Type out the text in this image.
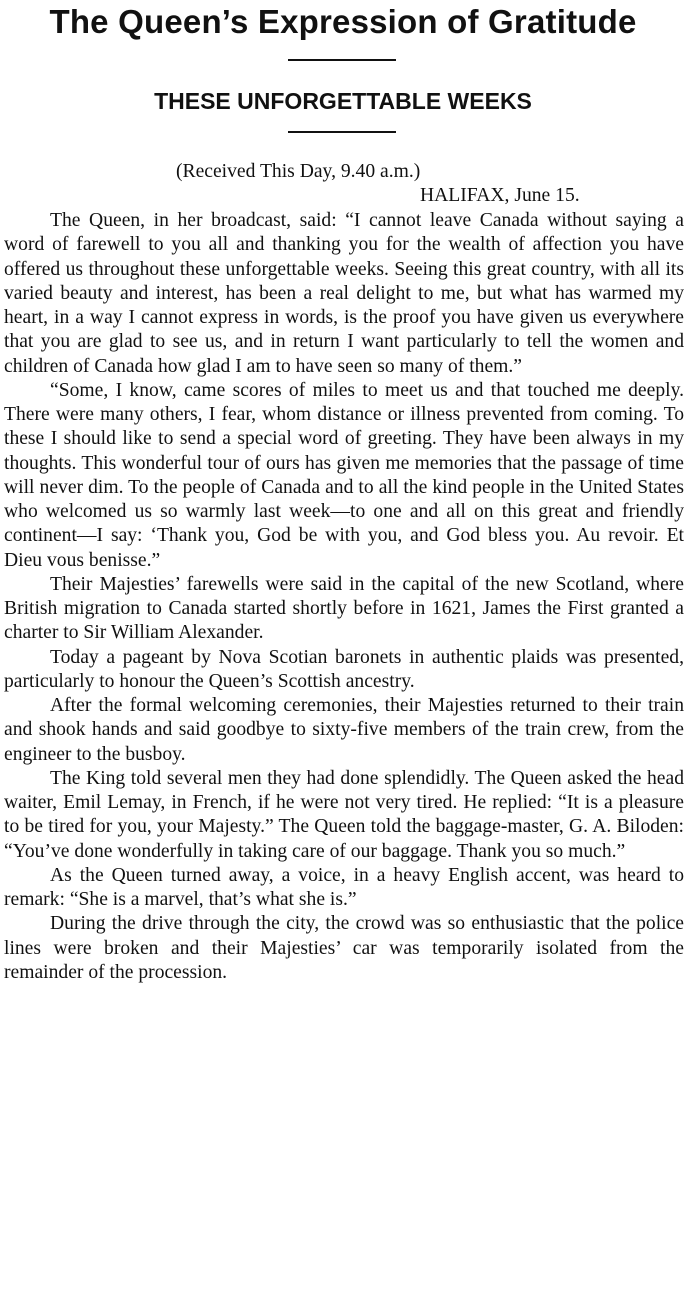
The Queen’s Expression of Gratitude
THESE UNFORGETTABLE WEEKS
(Received This Day, 9.40 a.m.)
HALIFAX, June 15.

The Queen, in her broadcast, said: “I cannot leave Canada without saying a word of farewell to you all and thanking you for the wealth of affection you have offered us throughout these unforgettable weeks. Seeing this great country, with all its varied beauty and interest, has been a real delight to me, but what has warmed my heart, in a way I cannot express in words, is the proof you have given us everywhere that you are glad to see us, and in return I want particularly to tell the women and children of Canada how glad I am to have seen so many of them.”

“Some, I know, came scores of miles to meet us and that touched me deeply. There were many others, I fear, whom distance or illness prevented from coming. To these I should like to send a special word of greeting. They have been always in my thoughts. This wonderful tour of ours has given me memories that the passage of time will never dim. To the people of Canada and to all the kind people in the United States who welcomed us so warmly last week—to one and all on this great and friendly continent—I say: ‘Thank you, God be with you, and God bless you. Au revoir. Et Dieu vous benisse.”

Their Majesties’ farewells were said in the capital of the new Scotland, where British migration to Canada started shortly before in 1621, James the First granted a charter to Sir William Alexander.

Today a pageant by Nova Scotian baronets in authentic plaids was presented, particularly to honour the Queen’s Scottish ancestry.

After the formal welcoming ceremonies, their Majesties returned to their train and shook hands and said goodbye to sixty-five members of the train crew, from the engineer to the busboy.

The King told several men they had done splendidly. The Queen asked the head waiter, Emil Lemay, in French, if he were not very tired. He replied: “It is a pleasure to be tired for you, your Majesty.” The Queen told the baggage-master, G. A. Biloden: “You’ve done wonderfully in taking care of our baggage. Thank you so much.”

As the Queen turned away, a voice, in a heavy English accent, was heard to remark: “She is a marvel, that’s what she is.”

During the drive through the city, the crowd was so enthusiastic that the police lines were broken and their Majesties’ car was temporarily isolated from the remainder of the procession.
